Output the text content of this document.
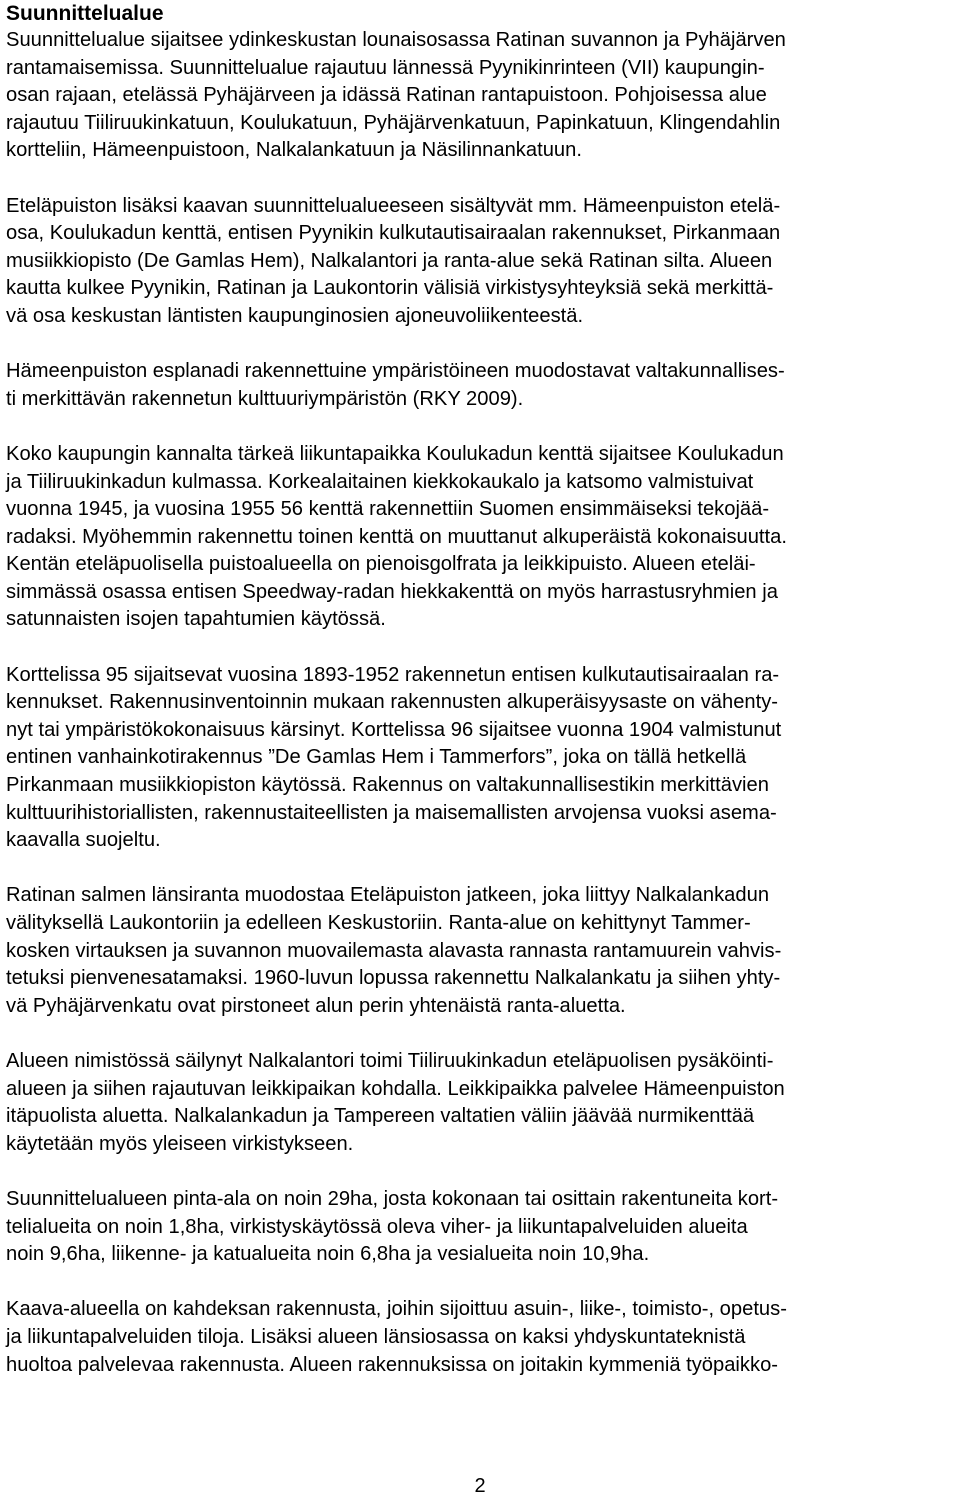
Suunnittelualue

Suunnittelualue sijaitsee ydinkeskustan lounaisosassa Ratinan suvannon ja Pyhäjärven
rantamaisemissa. Suunnittelualue rajautuu lännessä Pyynikinrinteen (VII) kaupungin-
osan rajaan, etelässä Pyhäjärveen ja idässä Ratinan rantapuistoon. Pohjoisessa alue
rajautuu Tiiliruukinkatuun, Koulukatuun, Pyhäjärvenkatuun, Papinkatuun, Klingendahlin
kortteliin, Hämeenpuistoon, Nalkalankatuun ja Näsilinnankatuun.

Eteläpuiston lisäksi kaavan suunnittelualueeseen sisältyvät mm. Hämeenpuiston etelä-
osa, Koulukadun kenttä, entisen Pyynikin kulkutautisairaalan rakennukset, Pirkanmaan
musiikkiopisto (De Gamlas Hem), Nalkalantori ja ranta-alue sekä Ratinan silta. Alueen
kautta kulkee Pyynikin, Ratinan ja Laukontorin välisiä virkistysyhteyksiä sekä merkittä-
vä osa keskustan läntisten kaupunginosien ajoneuvoliikenteestä.

Hämeenpuiston esplanadi rakennettuine ympäristöineen muodostavat valtakunnallises-
ti merkittävän rakennetun kulttuuriympäristön (RKY 2009).

Koko kaupungin kannalta tärkeä liikuntapaikka Koulukadun kenttä sijaitsee Koulukadun
ja Tiiliruukinkadun kulmassa. Korkealaitainen kiekkokaukalo ja katsomo valmistuivat
vuonna 1945, ja vuosina 1955 56 kenttä rakennettiin Suomen ensimmäiseksi tekojää-
radaksi. Myöhemmin rakennettu toinen kenttä on muuttanut alkuperäistä kokonaisuutta.
Kentän eteläpuolisella puistoalueella on pienoisgolfrata ja leikkipuisto. Alueen eteläi-
simmässä osassa entisen Speedway-radan hiekkakenttä on myös harrastusryhmien ja
satunnaisten isojen tapahtumien käytössä.

Korttelissa 95 sijaitsevat vuosina 1893-1952 rakennetun entisen kulkutautisairaalan ra-
kennukset. Rakennusinventoinnin mukaan rakennusten alkuperäisyysaste on vähenty-
nyt tai ympäristökokonaisuus kärsinyt. Korttelissa 96 sijaitsee vuonna 1904 valmistunut
entinen vanhainkotirakennus ”De Gamlas Hem i Tammerfors”, joka on tällä hetkellä
Pirkanmaan musiikkiopiston käytössä. Rakennus on valtakunnallisestikin merkittävien
kulttuurihistoriallisten, rakennustaiteellisten ja maisemallisten arvojensa vuoksi asema-
kaavalla suojeltu.

Ratinan salmen länsiranta muodostaa Eteläpuiston jatkeen, joka liittyy Nalkalankadun
välityksellä Laukontoriin ja edelleen Keskustoriin. Ranta-alue on kehittynyt Tammer-
kosken virtauksen ja suvannon muovailemasta alavasta rannasta rantamuurein vahvis-
tetuksi pienvenesatamaksi. 1960-luvun lopussa rakennettu Nalkalankatu ja siihen yhty-
vä Pyhäjärvenkatu ovat pirstoneet alun perin yhtenäistä ranta-aluetta.

Alueen nimistössä säilynyt Nalkalantori toimi Tiiliruukinkadun eteläpuolisen pysäköinti-
alueen ja siihen rajautuvan leikkipaikan kohdalla. Leikkipaikka palvelee Hämeenpuiston
itäpuolista aluetta. Nalkalankadun ja Tampereen valtatien väliin jäävää nurmikenttää
käytetään myös yleiseen virkistykseen.

Suunnittelualueen pinta-ala on noin 29ha, josta kokonaan tai osittain rakentuneita kort-
telialueita on noin 1,8ha, virkistyskäytössä oleva viher- ja liikuntapalveluiden alueita
noin 9,6ha, liikenne- ja katualueita noin 6,8ha ja vesialueita noin 10,9ha.

Kaava-alueella on kahdeksan rakennusta, joihin sijoittuu asuin-, liike-, toimisto-, opetus-
ja liikuntapalveluiden tiloja. Lisäksi alueen länsiosassa on kaksi yhdyskuntateknistä
huoltoa palvelevaa rakennusta. Alueen rakennuksissa on joitakin kymmeniä työpaikko-

2
